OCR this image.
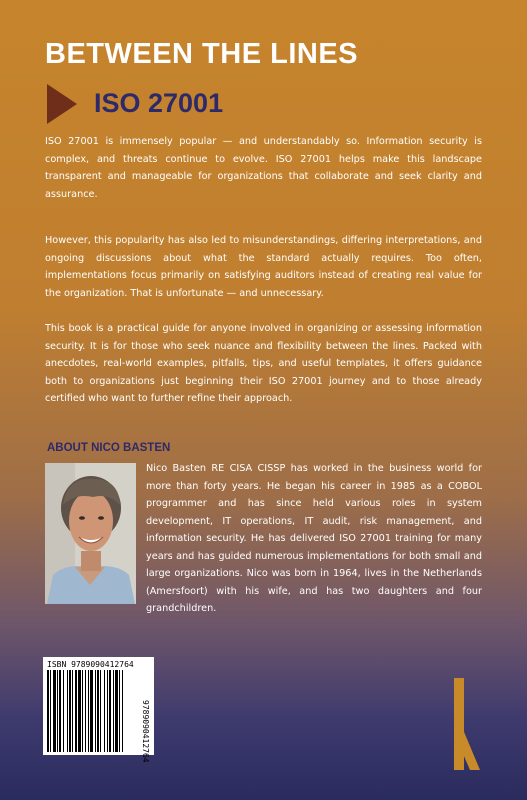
BETWEEN THE LINES
ISO 27001

ISO 27001 is immensely popular — and understandably so. Information security is complex, and threats continue to evolve. ISO 27001 helps make this landscape transparent and manageable for organizations that collaborate and seek clarity and assurance.

However, this popularity has also led to misunderstandings, differing interpretations, and ongoing discussions about what the standard actually requires. Too often, implementations focus primarily on satisfying auditors instead of creating real value for the organization. That is unfortunate — and unnecessary.

This book is a practical guide for anyone involved in organizing or assessing information security. It is for those who seek nuance and flexibility between the lines. Packed with anecdotes, real-world examples, pitfalls, tips, and useful templates, it offers guidance both to organizations just beginning their ISO 27001 journey and to those already certified who want to further refine their approach.

ABOUT NICO BASTEN

Nico Basten RE CISA CISSP has worked in the business world for more than forty years. He began his career in 1985 as a COBOL programmer and has since held various roles in system development, IT operations, IT audit, risk management, and information security. He has delivered ISO 27001 training for many years and has guided numerous implementations for both small and large organizations. Nico was born in 1964, lives in the Netherlands (Amersfoort) with his wife, and has two daughters and four grandchildren.

ISBN 9789090412764
9789090412764
